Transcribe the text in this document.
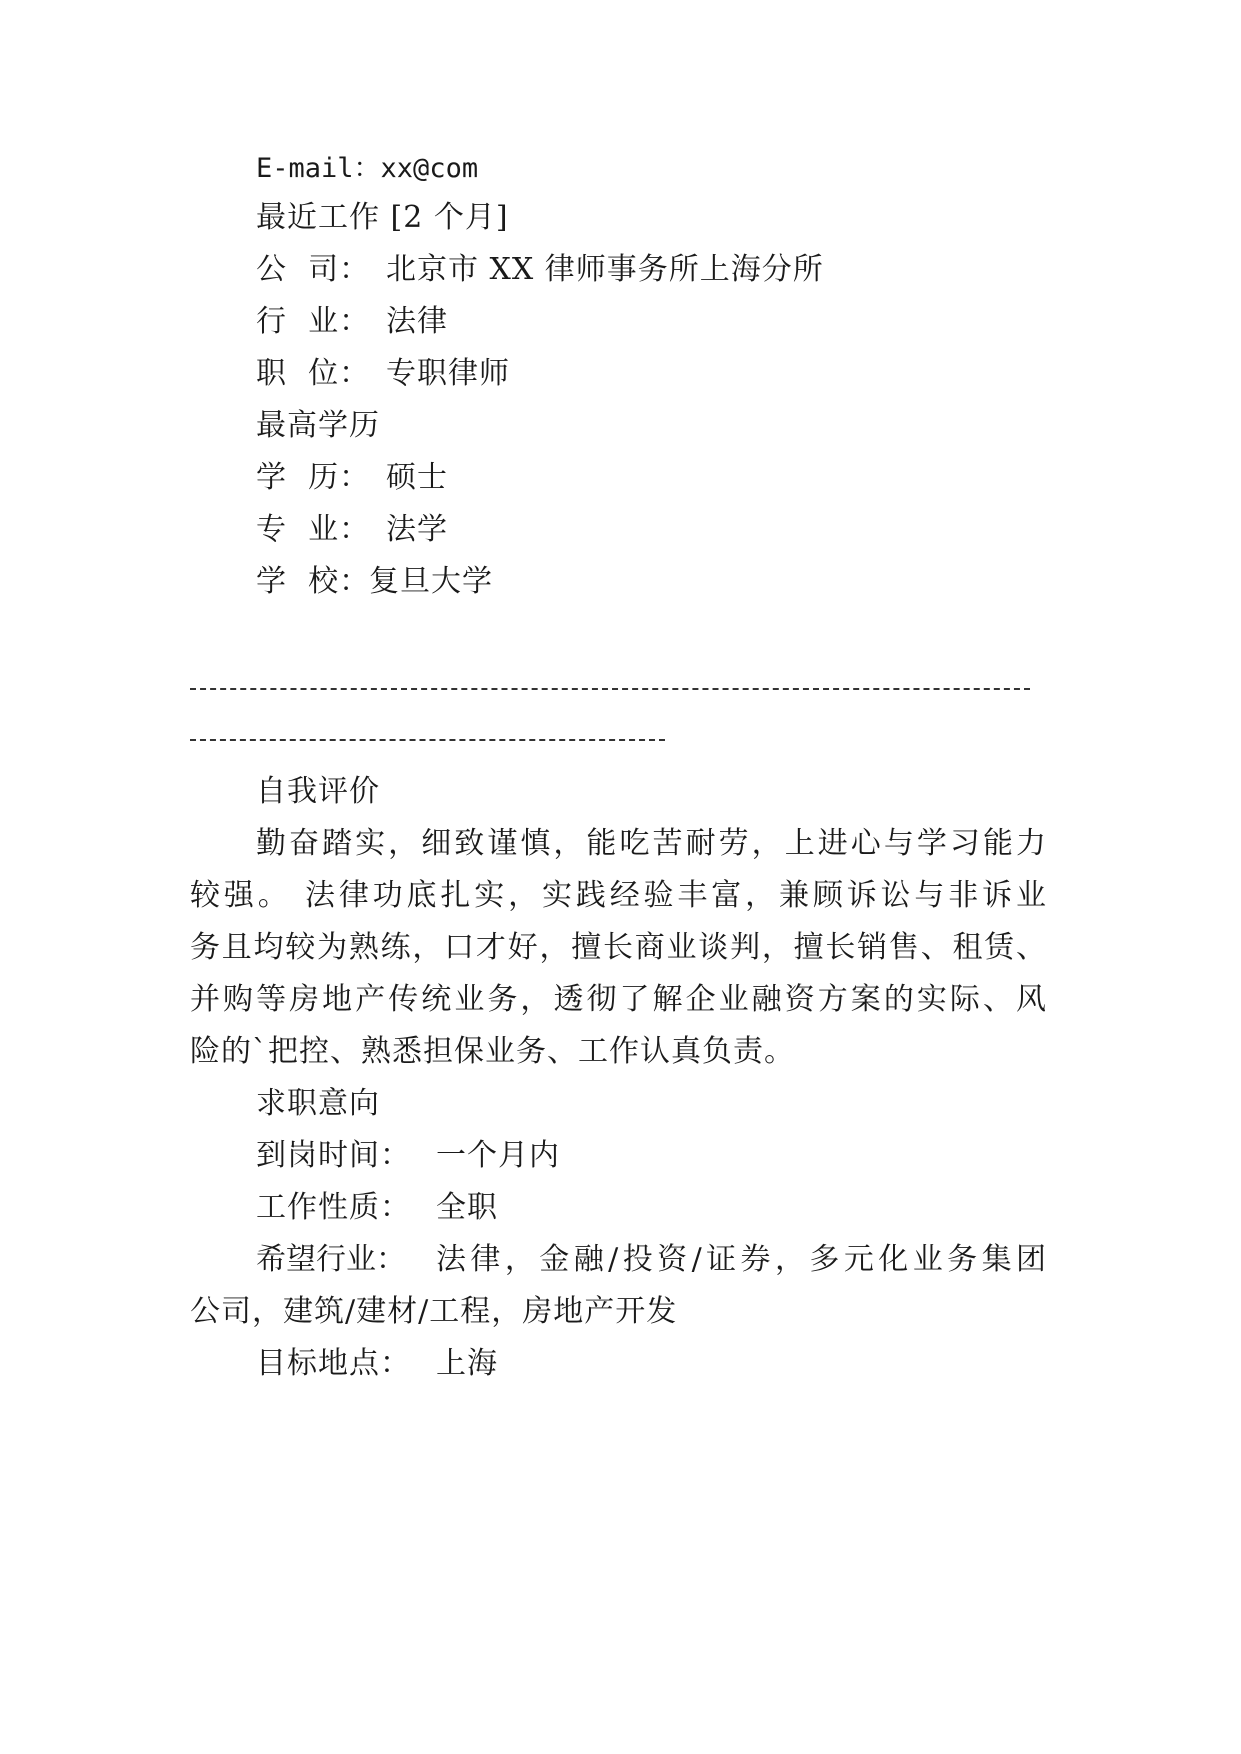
E-mail：xx@com
最近工作 [2 个月]
公  司： 北京市 XX 律师事务所上海分所
行  业： 法律
职  位： 专职律师
最高学历
学  历： 硕士
专  业： 法学
学  校：复旦大学
自我评价
勤奋踏实，细致谨慎，能吃苦耐劳，上进心与学习能力
较强。 法律功底扎实，实践经验丰富，兼顾诉讼与非诉业
务且均较为熟练，口才好，擅长商业谈判，擅长销售、租赁、
并购等房地产传统业务，透彻了解企业融资方案的实际、风
险的`把控、熟悉担保业务、工作认真负责。
求职意向
到岗时间： 一个月内
工作性质： 全职
希望行业：	法律，金融/投资/证券，多元化业务集团
公司，建筑/建材/工程，房地产开发
目标地点： 上海
